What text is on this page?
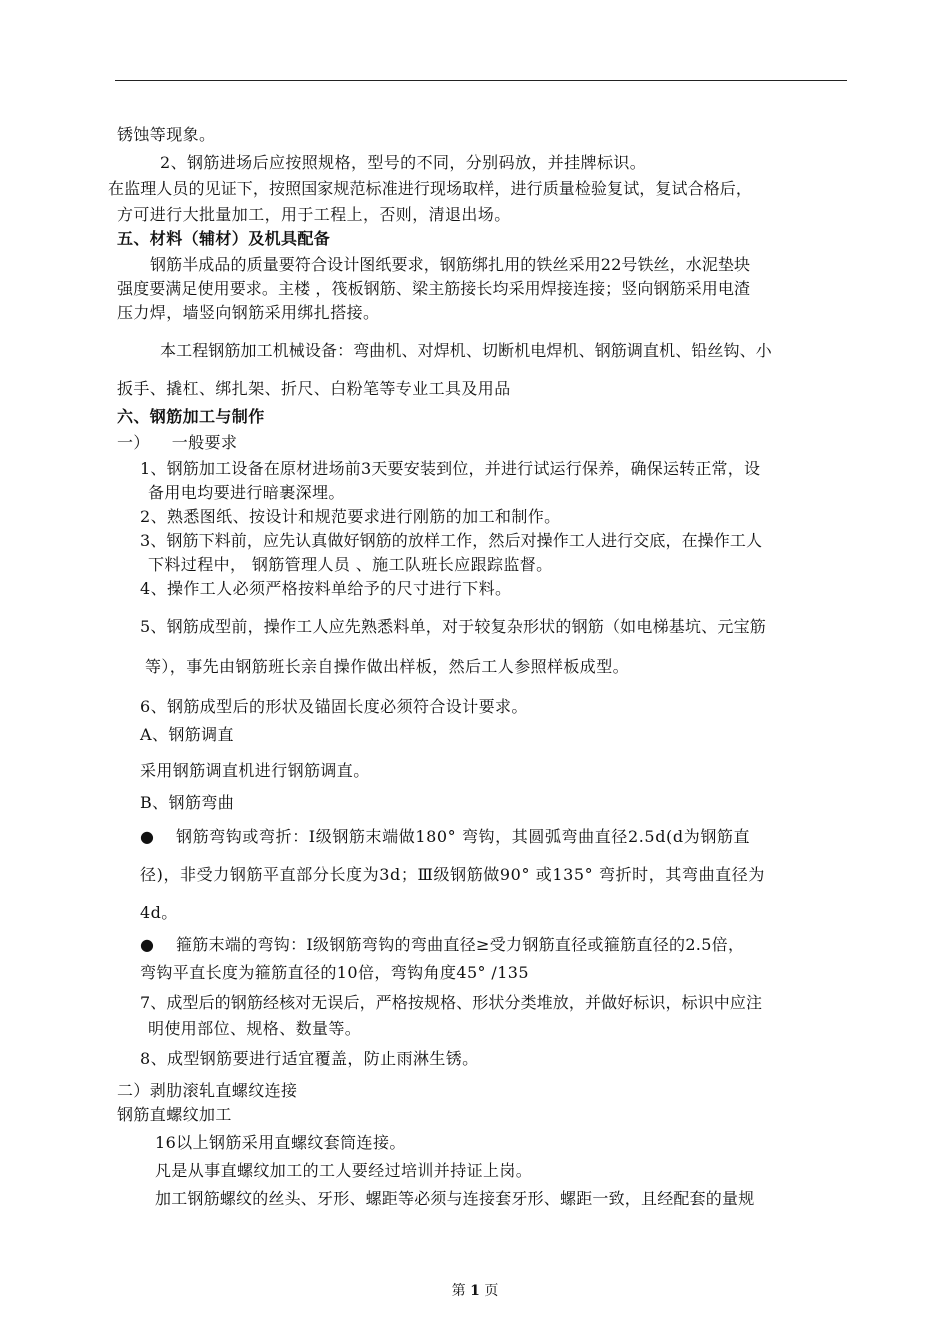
锈蚀等现象。
2、钢筋进场后应按照规格，型号的不同，分别码放，并挂牌标识。
在监理人员的见证下，按照国家规范标准进行现场取样，进行质量检验复试，复试合格后，
方可进行大批量加工，用于工程上，否则，清退出场。
五、材料（辅材）及机具配备
钢筋半成品的质量要符合设计图纸要求，钢筋绑扎用的铁丝采用22号铁丝，水泥垫块
强度要满足使用要求。主楼 ，筏板钢筋、梁主筋接长均采用焊接连接；竖向钢筋采用电渣
压力焊，墙竖向钢筋采用绑扎搭接。
本工程钢筋加工机械设备：弯曲机、对焊机、切断机电焊机、钢筋调直机、铅丝钩、小
扳手、撬杠、绑扎架、折尺、白粉笔等专业工具及用品
六、钢筋加工与制作
一）    一般要求
1、钢筋加工设备在原材进场前3天要安装到位，并进行试运行保养，确保运转正常，设
备用电均要进行暗裹深埋。
2、熟悉图纸、按设计和规范要求进行刚筋的加工和制作。
3、钢筋下料前，应先认真做好钢筋的放样工作，然后对操作工人进行交底，在操作工人
下料过程中， 钢筋管理人员 、施工队班长应跟踪监督。
4、操作工人必须严格按料单给予的尺寸进行下料。
5、钢筋成型前，操作工人应先熟悉料单，对于较复杂形状的钢筋（如电梯基坑、元宝筋
等），事先由钢筋班长亲自操作做出样板，然后工人参照样板成型。
6、钢筋成型后的形状及锚固长度必须符合设计要求。
A、钢筋调直
采用钢筋调直机进行钢筋调直。
B、钢筋弯曲
● 钢筋弯钩或弯折：Ⅰ级钢筋末端做180° 弯钩，其圆弧弯曲直径2.5d(d为钢筋直
径)，非受力钢筋平直部分长度为3d；Ⅲ级钢筋做90° 或135° 弯折时，其弯曲直径为
4d。
● 箍筋末端的弯钩：Ⅰ级钢筋弯钩的弯曲直径≥受力钢筋直径或箍筋直径的2.5倍，
弯钩平直长度为箍筋直径的10倍，弯钩角度45° /135
7、成型后的钢筋经核对无误后，严格按规格、形状分类堆放，并做好标识，标识中应注
明使用部位、规格、数量等。
8、成型钢筋要进行适宜覆盖，防止雨淋生锈。
二）剥肋滚轧直螺纹连接
钢筋直螺纹加工
16以上钢筋采用直螺纹套筒连接。
凡是从事直螺纹加工的工人要经过培训并持证上岗。
加工钢筋螺纹的丝头、牙形、螺距等必须与连接套牙形、螺距一致，且经配套的量规
第 1 页
